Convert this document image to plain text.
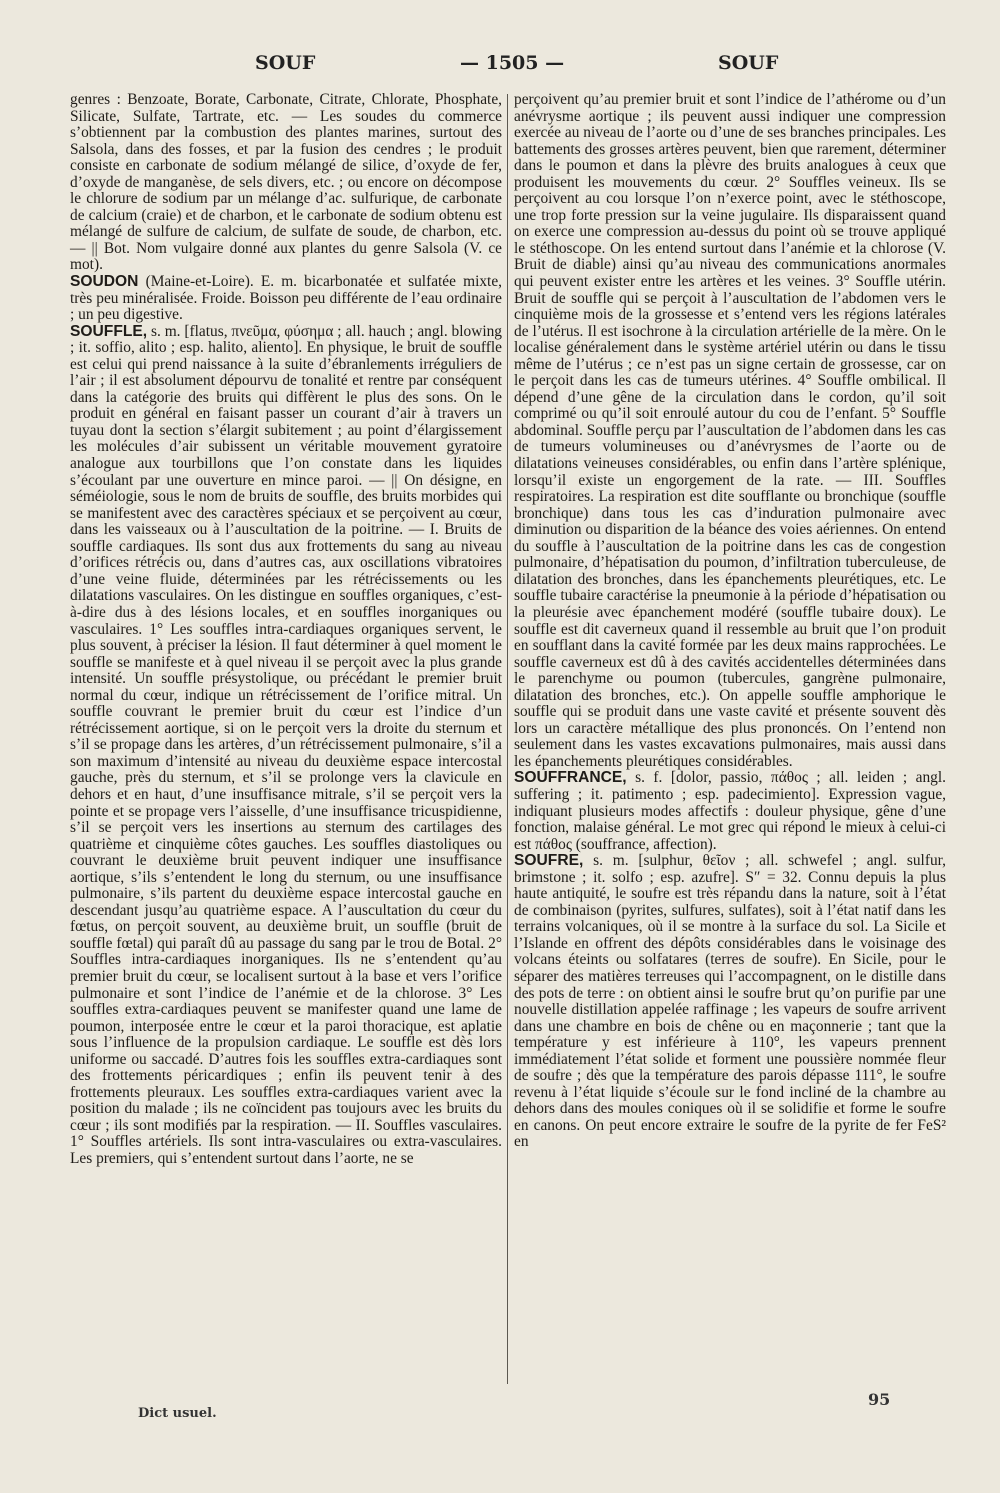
SOUF	— 1505 —	SOUF

genres : Benzoate, Borate, Carbonate, Citrate, Chlorate, Phosphate, Silicate, Sulfate, Tartrate, etc. — Les soudes du commerce s’obtiennent par la combustion des plantes marines, surtout des Salsola, dans des fosses, et par la fusion des cendres ; le produit consiste en carbonate de sodium mélangé de silice, d’oxyde de fer, d’oxyde de manganèse, de sels divers, etc. ; ou encore on décompose le chlorure de sodium par un mélange d’ac. sulfurique, de carbonate de calcium (craie) et de charbon, et le carbonate de sodium obtenu est mélangé de sulfure de calcium, de sulfate de soude, de charbon, etc. — || Bot. Nom vulgaire donné aux plantes du genre Salsola (V. ce mot).

SOUDON (Maine-et-Loire). E. m. bicarbonatée et sulfatée mixte, très peu minéralisée. Froide. Boisson peu différente de l’eau ordinaire ; un peu digestive.

SOUFFLE, s. m. [flatus, πνεῦμα, φύσημα ; all. hauch ; angl. blowing ; it. soffio, alito ; esp. halito, aliento]. En physique, le bruit de souffle est celui qui prend naissance à la suite d’ébranlements irréguliers de l’air ; il est absolument dépourvu de tonalité et rentre par conséquent dans la catégorie des bruits qui diffèrent le plus des sons. On le produit en général en faisant passer un courant d’air à travers un tuyau dont la section s’élargit subitement ; au point d’élargissement les molécules d’air subissent un véritable mouvement gyratoire analogue aux tourbillons que l’on constate dans les liquides s’écoulant par une ouverture en mince paroi. — || On désigne, en séméiologie, sous le nom de bruits de souffle, des bruits morbides qui se manifestent avec des caractères spéciaux et se perçoivent au cœur, dans les vaisseaux ou à l’auscultation de la poitrine. — I. Bruits de souffle cardiaques. Ils sont dus aux frottements du sang au niveau d’orifices rétrécis ou, dans d’autres cas, aux oscillations vibratoires d’une veine fluide, déterminées par les rétrécissements ou les dilatations vasculaires. On les distingue en souffles organiques, c’est-à-dire dus à des lésions locales, et en souffles inorganiques ou vasculaires. 1° Les souffles intra-cardiaques organiques servent, le plus souvent, à préciser la lésion. Il faut déterminer à quel moment le souffle se manifeste et à quel niveau il se perçoit avec la plus grande intensité. Un souffle présystolique, ou précédant le premier bruit normal du cœur, indique un rétrécissement de l’orifice mitral. Un souffle couvrant le premier bruit du cœur est l’indice d’un rétrécissement aortique, si on le perçoit vers la droite du sternum et s’il se propage dans les artères, d’un rétrécissement pulmonaire, s’il a son maximum d’intensité au niveau du deuxième espace intercostal gauche, près du sternum, et s’il se prolonge vers la clavicule en dehors et en haut, d’une insuffisance mitrale, s’il se perçoit vers la pointe et se propage vers l’aisselle, d’une insuffisance tricuspidienne, s’il se perçoit vers les insertions au sternum des cartilages des quatrième et cinquième côtes gauches. Les souffles diastoliques ou couvrant le deuxième bruit peuvent indiquer une insuffisance aortique, s’ils s’entendent le long du sternum, ou une insuffisance pulmonaire, s’ils partent du deuxième espace intercostal gauche en descendant jusqu’au quatrième espace. A l’auscultation du cœur du fœtus, on perçoit souvent, au deuxième bruit, un souffle (bruit de souffle fœtal) qui paraît dû au passage du sang par le trou de Botal. 2° Souffles intra-cardiaques inorganiques. Ils ne s’entendent qu’au premier bruit du cœur, se localisent surtout à la base et vers l’orifice pulmonaire et sont l’indice de l’anémie et de la chlorose. 3° Les souffles extra-cardiaques peuvent se manifester quand une lame de poumon, interposée entre le cœur et la paroi thoracique, est aplatie sous l’influence de la propulsion cardiaque. Le souffle est dès lors uniforme ou saccadé. D’autres fois les souffles extra-cardiaques sont des frottements péricardiques ; enfin ils peuvent tenir à des frottements pleuraux. Les souffles extra-cardiaques varient avec la position du malade ; ils ne coïncident pas toujours avec les bruits du cœur ; ils sont modifiés par la respiration. — II. Souffles vasculaires. 1° Souffles artériels. Ils sont intra-vasculaires ou extra-vasculaires. Les premiers, qui s’entendent surtout dans l’aorte, ne se

perçoivent qu’au premier bruit et sont l’indice de l’athérome ou d’un anévrysme aortique ; ils peuvent aussi indiquer une compression exercée au niveau de l’aorte ou d’une de ses branches principales. Les battements des grosses artères peuvent, bien que rarement, déterminer dans le poumon et dans la plèvre des bruits analogues à ceux que produisent les mouvements du cœur. 2° Souffles veineux. Ils se perçoivent au cou lorsque l’on n’exerce point, avec le stéthoscope, une trop forte pression sur la veine jugulaire. Ils disparaissent quand on exerce une compression au-dessus du point où se trouve appliqué le stéthoscope. On les entend surtout dans l’anémie et la chlorose (V. Bruit de diable) ainsi qu’au niveau des communications anormales qui peuvent exister entre les artères et les veines. 3° Souffle utérin. Bruit de souffle qui se perçoit à l’auscultation de l’abdomen vers le cinquième mois de la grossesse et s’entend vers les régions latérales de l’utérus. Il est isochrone à la circulation artérielle de la mère. On le localise généralement dans le système artériel utérin ou dans le tissu même de l’utérus ; ce n’est pas un signe certain de grossesse, car on le perçoit dans les cas de tumeurs utérines. 4° Souffle ombilical. Il dépend d’une gêne de la circulation dans le cordon, qu’il soit comprimé ou qu’il soit enroulé autour du cou de l’enfant. 5° Souffle abdominal. Souffle perçu par l’auscultation de l’abdomen dans les cas de tumeurs volumineuses ou d’anévrysmes de l’aorte ou de dilatations veineuses considérables, ou enfin dans l’artère splénique, lorsqu’il existe un engorgement de la rate. — III. Souffles respiratoires. La respiration est dite soufflante ou bronchique (souffle bronchique) dans tous les cas d’induration pulmonaire avec diminution ou disparition de la béance des voies aériennes. On entend du souffle à l’auscultation de la poitrine dans les cas de congestion pulmonaire, d’hépatisation du poumon, d’infiltration tuberculeuse, de dilatation des bronches, dans les épanchements pleurétiques, etc. Le souffle tubaire caractérise la pneumonie à la période d’hépatisation ou la pleurésie avec épanchement modéré (souffle tubaire doux). Le souffle est dit caverneux quand il ressemble au bruit que l’on produit en soufflant dans la cavité formée par les deux mains rapprochées. Le souffle caverneux est dû à des cavités accidentelles déterminées dans le parenchyme ou poumon (tubercules, gangrène pulmonaire, dilatation des bronches, etc.). On appelle souffle amphorique le souffle qui se produit dans une vaste cavité et présente souvent dès lors un caractère métallique des plus prononcés. On l’entend non seulement dans les vastes excavations pulmonaires, mais aussi dans les épanchements pleurétiques considérables.

SOUFFRANCE, s. f. [dolor, passio, πάθος ; all. leiden ; angl. suffering ; it. patimento ; esp. padecimiento]. Expression vague, indiquant plusieurs modes affectifs : douleur physique, gêne d’une fonction, malaise général. Le mot grec qui répond le mieux à celui-ci est πάθος (souffrance, affection).

SOUFRE, s. m. [sulphur, θεῖον ; all. schwefel ; angl. sulfur, brimstone ; it. solfo ; esp. azufre]. S″ = 32. Connu depuis la plus haute antiquité, le soufre est très répandu dans la nature, soit à l’état de combinaison (pyrites, sulfures, sulfates), soit à l’état natif dans les terrains volcaniques, où il se montre à la surface du sol. La Sicile et l’Islande en offrent des dépôts considérables dans le voisinage des volcans éteints ou solfatares (terres de soufre). En Sicile, pour le séparer des matières terreuses qui l’accompagnent, on le distille dans des pots de terre : on obtient ainsi le soufre brut qu’on purifie par une nouvelle distillation appelée raffinage ; les vapeurs de soufre arrivent dans une chambre en bois de chêne ou en maçonnerie ; tant que la température y est inférieure à 110°, les vapeurs prennent immédiatement l’état solide et forment une poussière nommée fleur de soufre ; dès que la température des parois dépasse 111°, le soufre revenu à l’état liquide s’écoule sur le fond incliné de la chambre au dehors dans des moules coniques où il se solidifie et forme le soufre en canons. On peut encore extraire le soufre de la pyrite de fer FeS² en

Dict usuel.
95
